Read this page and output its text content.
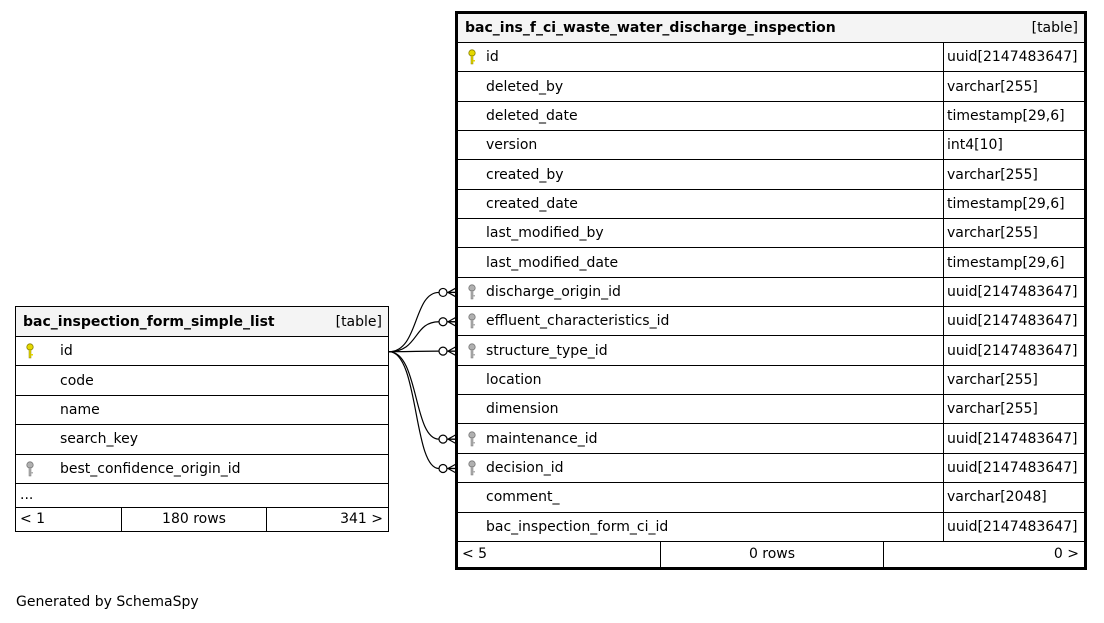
bac_inspection_form_simple_list	[table]
id
code
name
search_key
best_confidence_origin_id
...
< 1	180 rows	341 >
bac_ins_f_ci_waste_water_discharge_inspection	[table]
id	uuid[2147483647]
deleted_by	varchar[255]
deleted_date	timestamp[29,6]
version	int4[10]
created_by	varchar[255]
created_date	timestamp[29,6]
last_modified_by	varchar[255]
last_modified_date	timestamp[29,6]
discharge_origin_id	uuid[2147483647]
effluent_characteristics_id	uuid[2147483647]
structure_type_id	uuid[2147483647]
location	varchar[255]
dimension	varchar[255]
maintenance_id	uuid[2147483647]
decision_id	uuid[2147483647]
comment_	varchar[2048]
bac_inspection_form_ci_id	uuid[2147483647]
< 5	0 rows	0 >
Generated by SchemaSpy
